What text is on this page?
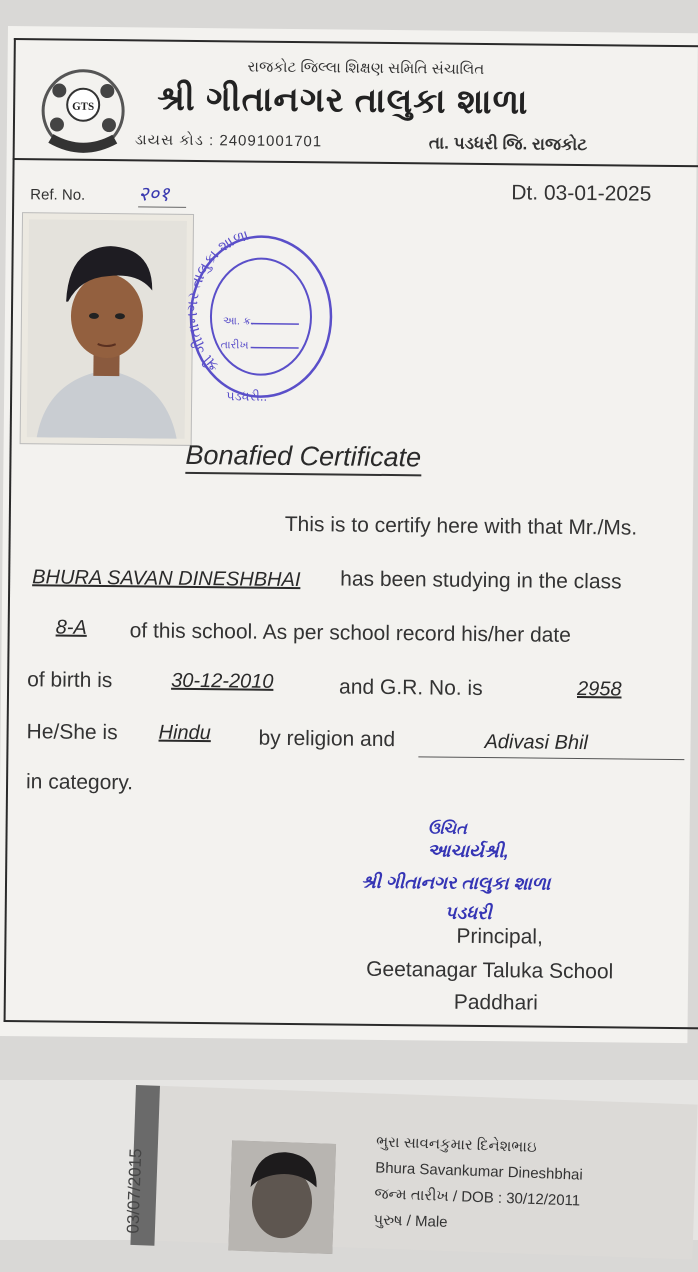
GTS
રાજકોટ જિલ્લા શિક્ષણ સમિતિ સંચાલિત
શ્રી ગીતાનગર તાલુકા શાળા
ડાયસ કોડ : 24091001701	તા. પડધરી જિ. રાજકોટ
Dt. 03-01-2025
Ref. No.	२०१
શ્રી ગીતાનગર તાલુકા શાળા
આ. ક્ર.
તારીખ
પડધરી..
Bonafied Certificate
This is to certify here with that Mr./Ms.
BHURA SAVAN DINESHBHAI has been studying in the class
8-A of this school. As per school record his/her date
of birth is	30-12-2010	and G.R. No. is	2958
He/She is Hindu by religion and	Adivasi Bhil
in category.
ઉચિત
આચાર્યશ્રી,
શ્રી ગીતાનગર તાલુકા શાળા
પડધરી
Principal,
Geetanagar Taluka School
Paddhari
03/07/2015
ભુરા સાવનકુમાર દિનેશભાઇ
Bhura Savankumar Dineshbhai
જન્મ તારીખ / DOB : 30/12/2011
પુરુષ / Male
